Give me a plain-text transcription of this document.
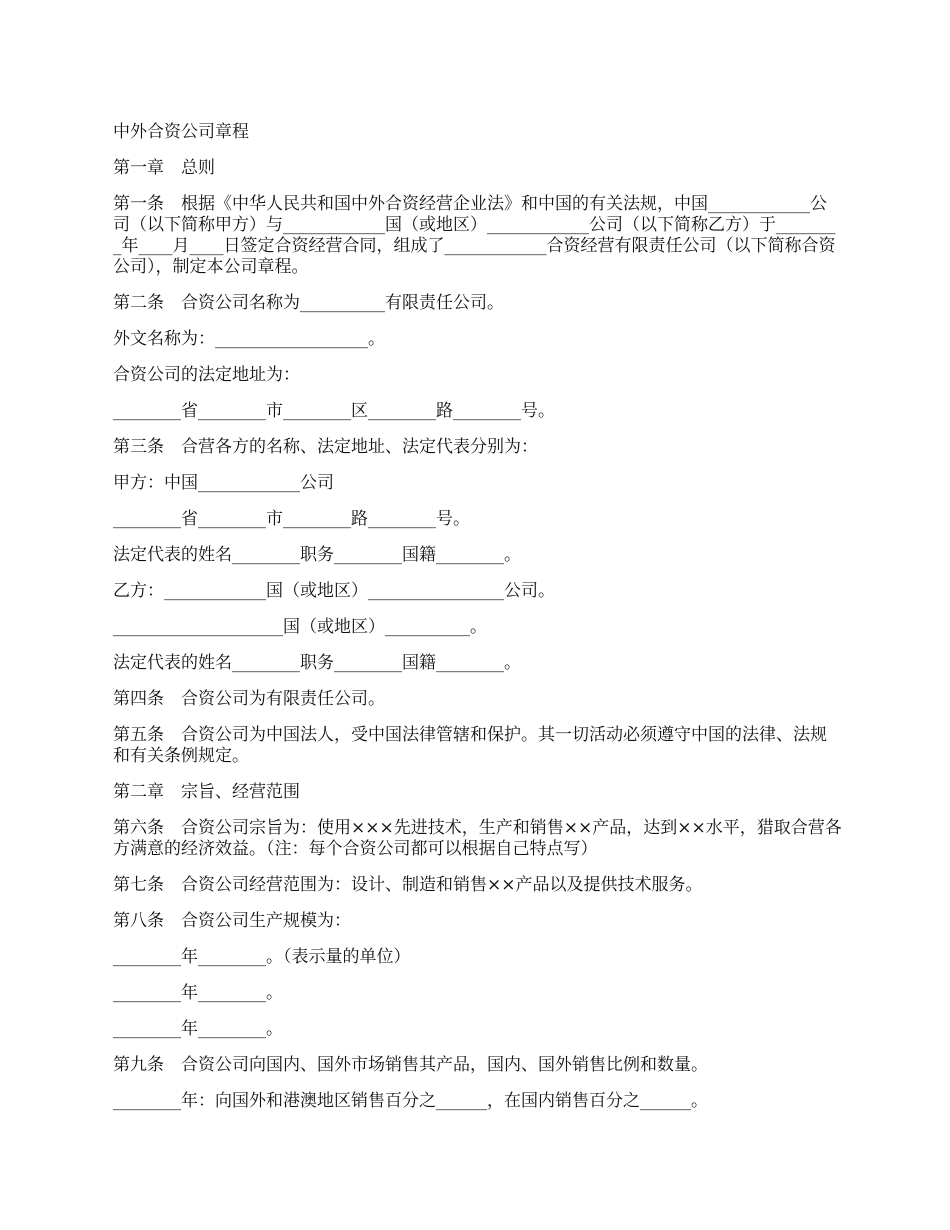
中外合资公司章程

第一章　总则

第一条　根据《中华人民共和国中外合资经营企业法》和中国的有关法规，中国____________公司（以下简称甲方）与____________国（或地区）____________公司（以下简称乙方）于________年____月____日签定合资经营合同，组成了____________合资经营有限责任公司（以下简称合资公司），制定本公司章程。

第二条　合资公司名称为__________有限责任公司。

外文名称为：__________________。

合资公司的法定地址为：

________省________市________区________路________号。

第三条　合营各方的名称、法定地址、法定代表分别为：

甲方：中国____________公司

________省________市________路________号。

法定代表的姓名________职务________国籍________。

乙方：____________国（或地区）________________公司。

____________________国（或地区）__________。

法定代表的姓名________职务________国籍________。

第四条　合资公司为有限责任公司。

第五条　合资公司为中国法人，受中国法律管辖和保护。其一切活动必须遵守中国的法律、法规和有关条例规定。

第二章　宗旨、经营范围

第六条　合资公司宗旨为：使用×××先进技术，生产和销售××产品，达到××水平，猎取合营各方满意的经济效益。（注：每个合资公司都可以根据自己特点写）

第七条　合资公司经营范围为：设计、制造和销售××产品以及提供技术服务。

第八条　合资公司生产规模为：

________年________。（表示量的单位）

________年________。

________年________。

第九条　合资公司向国内、国外市场销售其产品，国内、国外销售比例和数量。

________年：向国外和港澳地区销售百分之______，在国内销售百分之______。
